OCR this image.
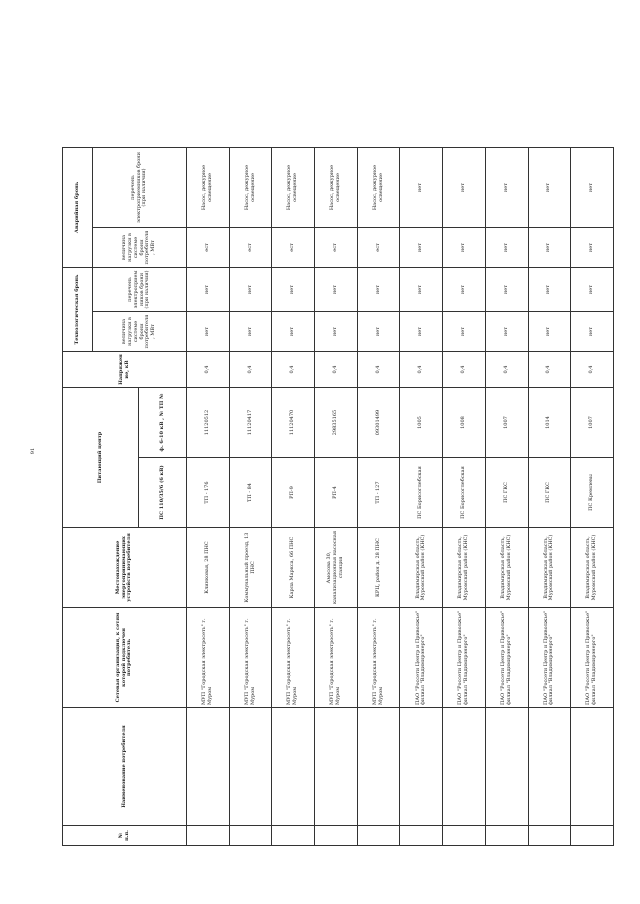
91
№ п.п.	Наименование потребителя	Сетевая организация, к сетям которой подключен потребитель	Местонахождение энергопринимающих устройств потребителя	Питающий центр		Напряжение, кВ	Технологическая бронь		Аварийная бронь	
							величина нагрузки в системе брони потребителя, МВт	перечень электроприемников брони (при наличии)	величина нагрузки в системе брони потребителя, МВт	перечень электроприемников брони (при наличии)
				ПС 110/35/6 (6 кВ)	ф. 6-10 кВ , № ТП №					
		МУП "Городская электросеть" г. Муром	Клинковая, 28 ПНС	ТП - 176	11120512	0,4	нет	нет	ест	Насос, дежурное освещение
		МУП "Городская электросеть" г. Муром	Коммунальный проезд, 13 ПНС	ТП - 84	11120417	0,4	нет	нет	ест	Насос, дежурное освещение
		МУП "Городская электросеть" г. Муром	Карла Маркса, 66 ПНС	РП-9	11120470	0,4	нет	нет	ест	Насос, дежурное освещение
		МУП "Городская электросеть" г. Муром	Амосова 30, канализационная насосная станция	РП-4	29835165	0,4	нет	нет	ест	Насос, дежурное освещение
		МУП "Городская электросеть" г. Муром	КРЦ, район д. 28 ПНС	ТП - 127	09301499	0,4	нет	нет	ест	Насос, дежурное освещение
		ПАО "Россети Центр и Приволжье" филиал "Владимирэнерго"	Владимирская область, Муромский район (КНС)	ПС Борисоглебская	1005	0,4	нет	нет	нет	нет
		ПАО "Россети Центр и Приволжье" филиал "Владимирэнерго"	Владимирская область, Муромский район (КНС)	ПС Борисоглебская	1008	0,4	нет	нет	нет	нет
		ПАО "Россети Центр и Приволжье" филиал "Владимирэнерго"	Владимирская область, Муромский район (КНС)	ПС ГКС	1007	0,4	нет	нет	нет	нет
		ПАО "Россети Центр и Приволжье" филиал "Владимирэнерго"	Владимирская область, Муромский район (КНС)	ПС ГКС	1014	0,4	нет	нет	нет	нет
		ПАО "Россети Центр и Приволжье" филиал "Владимирэнерго"	Владимирская область, Муромский район (КНС)	ПС Кремлевы	1007	0,4	нет	нет	нет	нет
